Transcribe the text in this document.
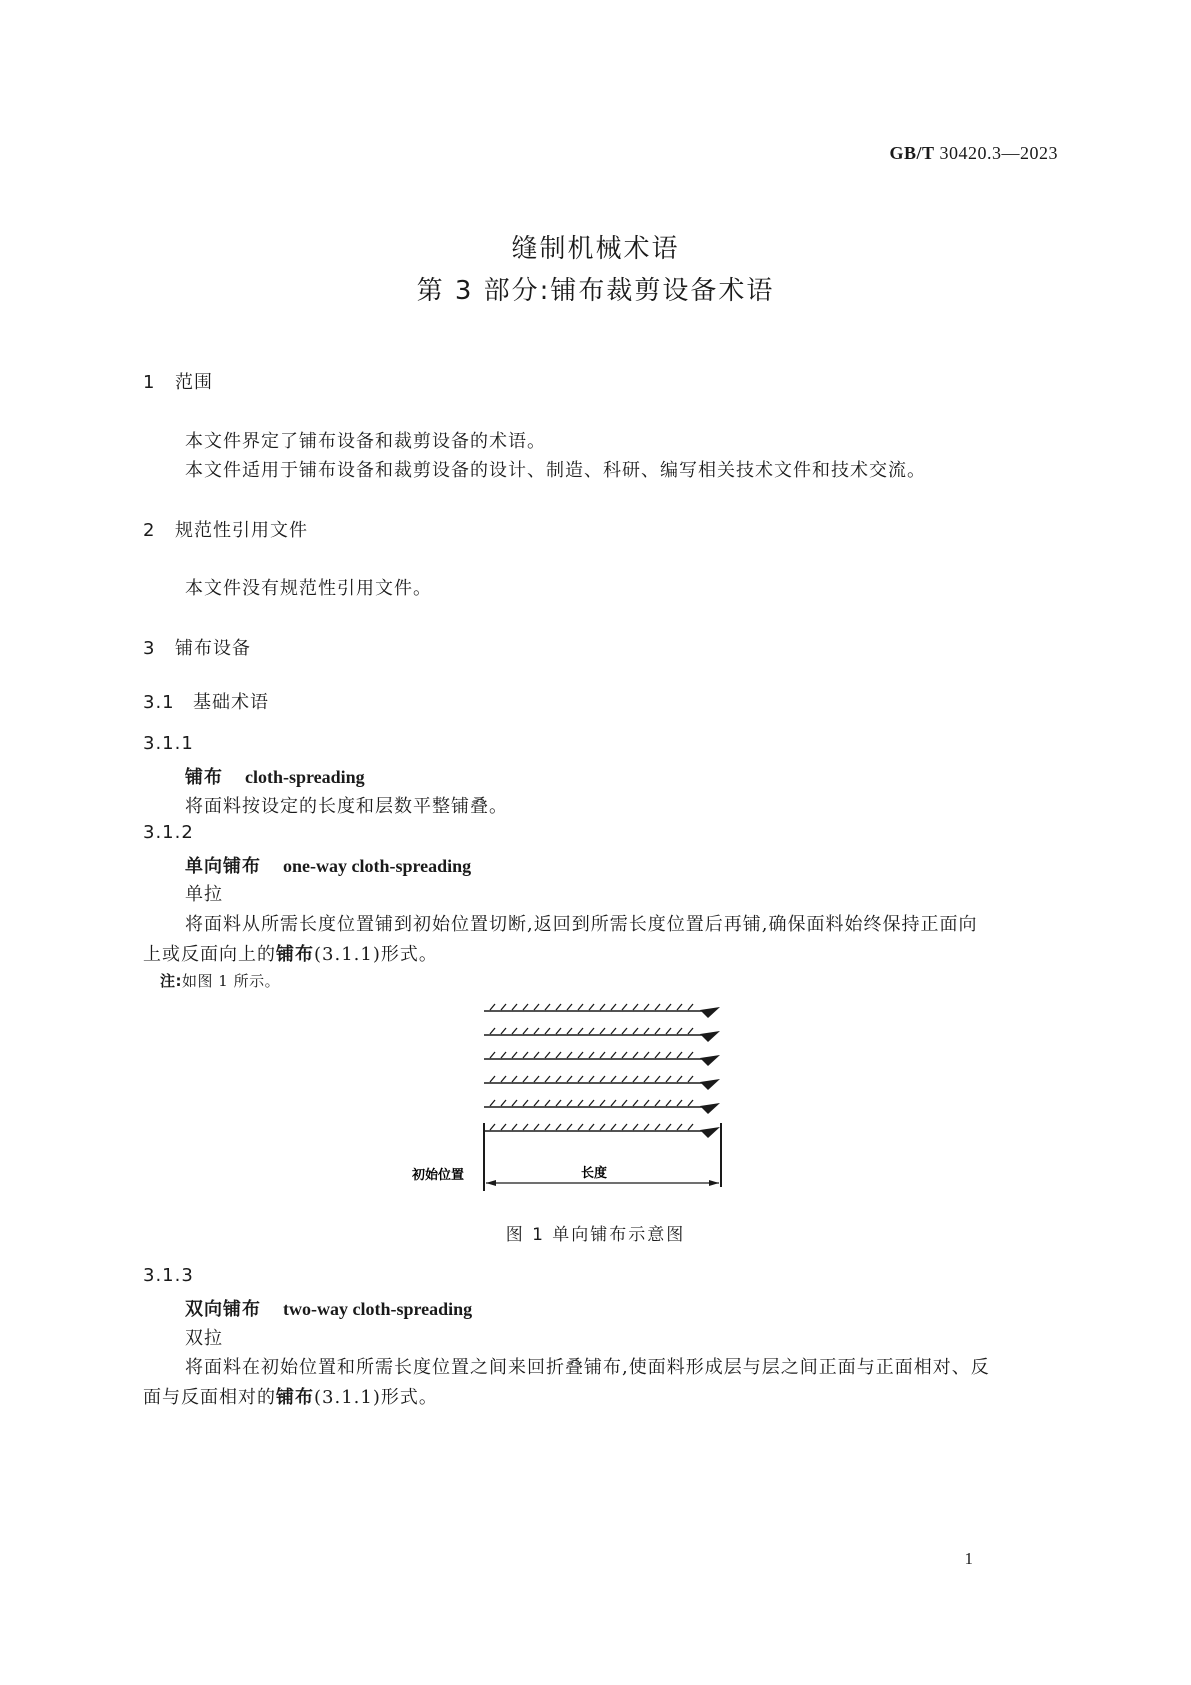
GB/T 30420.3—2023
缝制机械术语
第 3 部分:铺布裁剪设备术语
1 范围
本文件界定了铺布设备和裁剪设备的术语。
本文件适用于铺布设备和裁剪设备的设计、制造、科研、编写相关技术文件和技术交流。
2 规范性引用文件
本文件没有规范性引用文件。
3 铺布设备
3.1 基础术语
3.1.1
铺布 cloth-spreading
将面料按设定的长度和层数平整铺叠。
3.1.2
单向铺布 one-way cloth-spreading
单拉
将面料从所需长度位置铺到初始位置切断,返回到所需长度位置后再铺,确保面料始终保持正面向
上或反面向上的铺布(3.1.1)形式。
注:如图 1 所示。
初始位置	长度
图 1 单向铺布示意图
3.1.3
双向铺布 two-way cloth-spreading
双拉
将面料在初始位置和所需长度位置之间来回折叠铺布,使面料形成层与层之间正面与正面相对、反
面与反面相对的铺布(3.1.1)形式。
1
